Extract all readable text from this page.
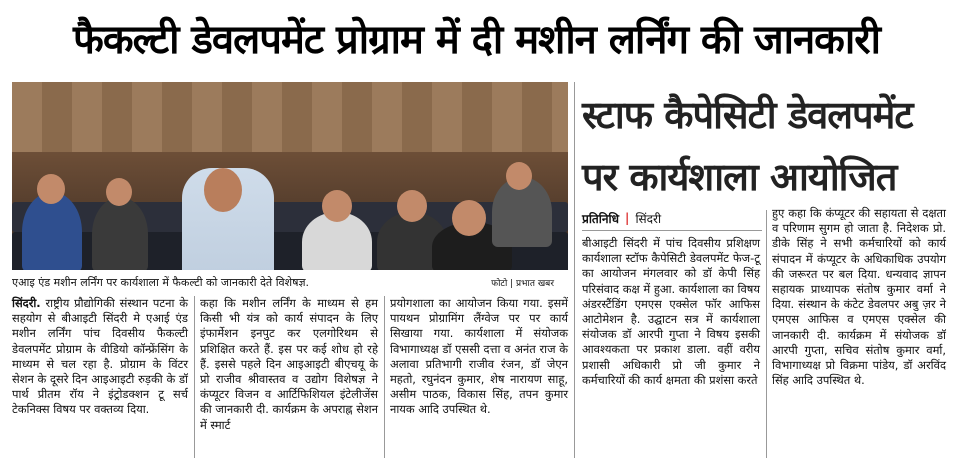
फैकल्टी डेवलपमेंट प्रोग्राम में दी मशीन लर्निंग की जानकारी
एआइ एंड मशीन लर्निंग पर कार्यशाला में फैकल्टी को जानकारी देते विशेषज्ञ.	फोटो | प्रभात खबर

सिंदरी. राष्ट्रीय प्रौद्योगिकी संस्थान पटना के सहयोग से बीआइटी सिंदरी मे एआई एंड मशीन लर्निंग पांच दिवसीय फैकल्टी डेवलपमेंट प्रोग्राम के वीडियो कॉन्फ्रेंसिंग के माध्यम से चल रहा है. प्रोग्राम के विंटर सेशन के दूसरे दिन आइआइटी रुड़की के डॉ पार्थ प्रीतम रॉय ने इंट्रोडक्शन टू सर्च टेकनिक्स विषय पर वक्तव्य दिया.

कहा कि मशीन लर्निंग के माध्यम से हम किसी भी यंत्र को कार्य संपादन के लिए इंफार्मेशन इनपुट कर एलगोरिथम से प्रशिक्षित करते हैं. इस पर कई शोध हो रहे हैं. इससे पहले दिन आइआइटी बीएचयू के प्रो राजीव श्रीवास्तव व उद्योग विशेषज्ञ ने कंप्यूटर विजन व आर्टिफिशियल इंटेलीजेंस की जानकारी दी. कार्यक्रम के अपराह्न सेशन में स्मार्ट

प्रयोगशाला का आयोजन किया गया. इसमें पायथन प्रोग्रामिंग लैंग्वेज पर पर कार्य सिखाया गया. कार्यशाला में संयोजक विभागाध्यक्ष डॉ एससी दत्ता व अनंत राज के अलावा प्रतिभागी राजीव रंजन, डॉ जेएन महतो, रघुनंदन कुमार, शेष नारायण साहू, असीम पाठक, विकास सिंह, तपन कुमार नायक आदि उपस्थित थे.

स्टाफ कैपेसिटी डेवलपमेंट पर कार्यशाला आयोजित
प्रतिनिधि | सिंदरी

बीआइटी सिंदरी में पांच दिवसीय प्रशिक्षण कार्यशाला स्टॉफ कैपेसिटी डेवलपमेंट फेज-टू का आयोजन मंगलवार को डॉ केपी सिंह परिसंवाद कक्ष में हुआ. कार्यशाला का विषय अंडरस्टैंडिंग एमएस एक्सेल फॉर आफिस आटोमेशन है. उद्घाटन सत्र में कार्यशाला संयोजक डॉ आरपी गुप्ता ने विषय इसकी आवश्यकता पर प्रकाश डाला. वहीं वरीय प्रशासी अधिकारी प्रो जी कुमार ने कर्मचारियों की कार्य क्षमता की प्रशंसा करते

हुए कहा कि कंप्यूटर की सहायता से दक्षता व परिणाम सुगम हो जाता है. निदेशक प्रो. डीके सिंह ने सभी कर्मचारियों को कार्य संपादन में कंप्यूटर के अधिकाधिक उपयोग की जरूरत पर बल दिया. धन्यवाद ज्ञापन सहायक प्राध्यापक संतोष कुमार वर्मा ने दिया. संस्थान के कंटेट डेवलपर अबु ज़र ने एमएस आफिस व एमएस एक्सेल की जानकारी दी. कार्यक्रम में संयोजक डॉ आरपी गुप्ता, सचिव संतोष कुमार वर्मा, विभागाध्यक्ष प्रो विक्रमा पांडेय, डॉ अरविंद सिंह आदि उपस्थित थे.
